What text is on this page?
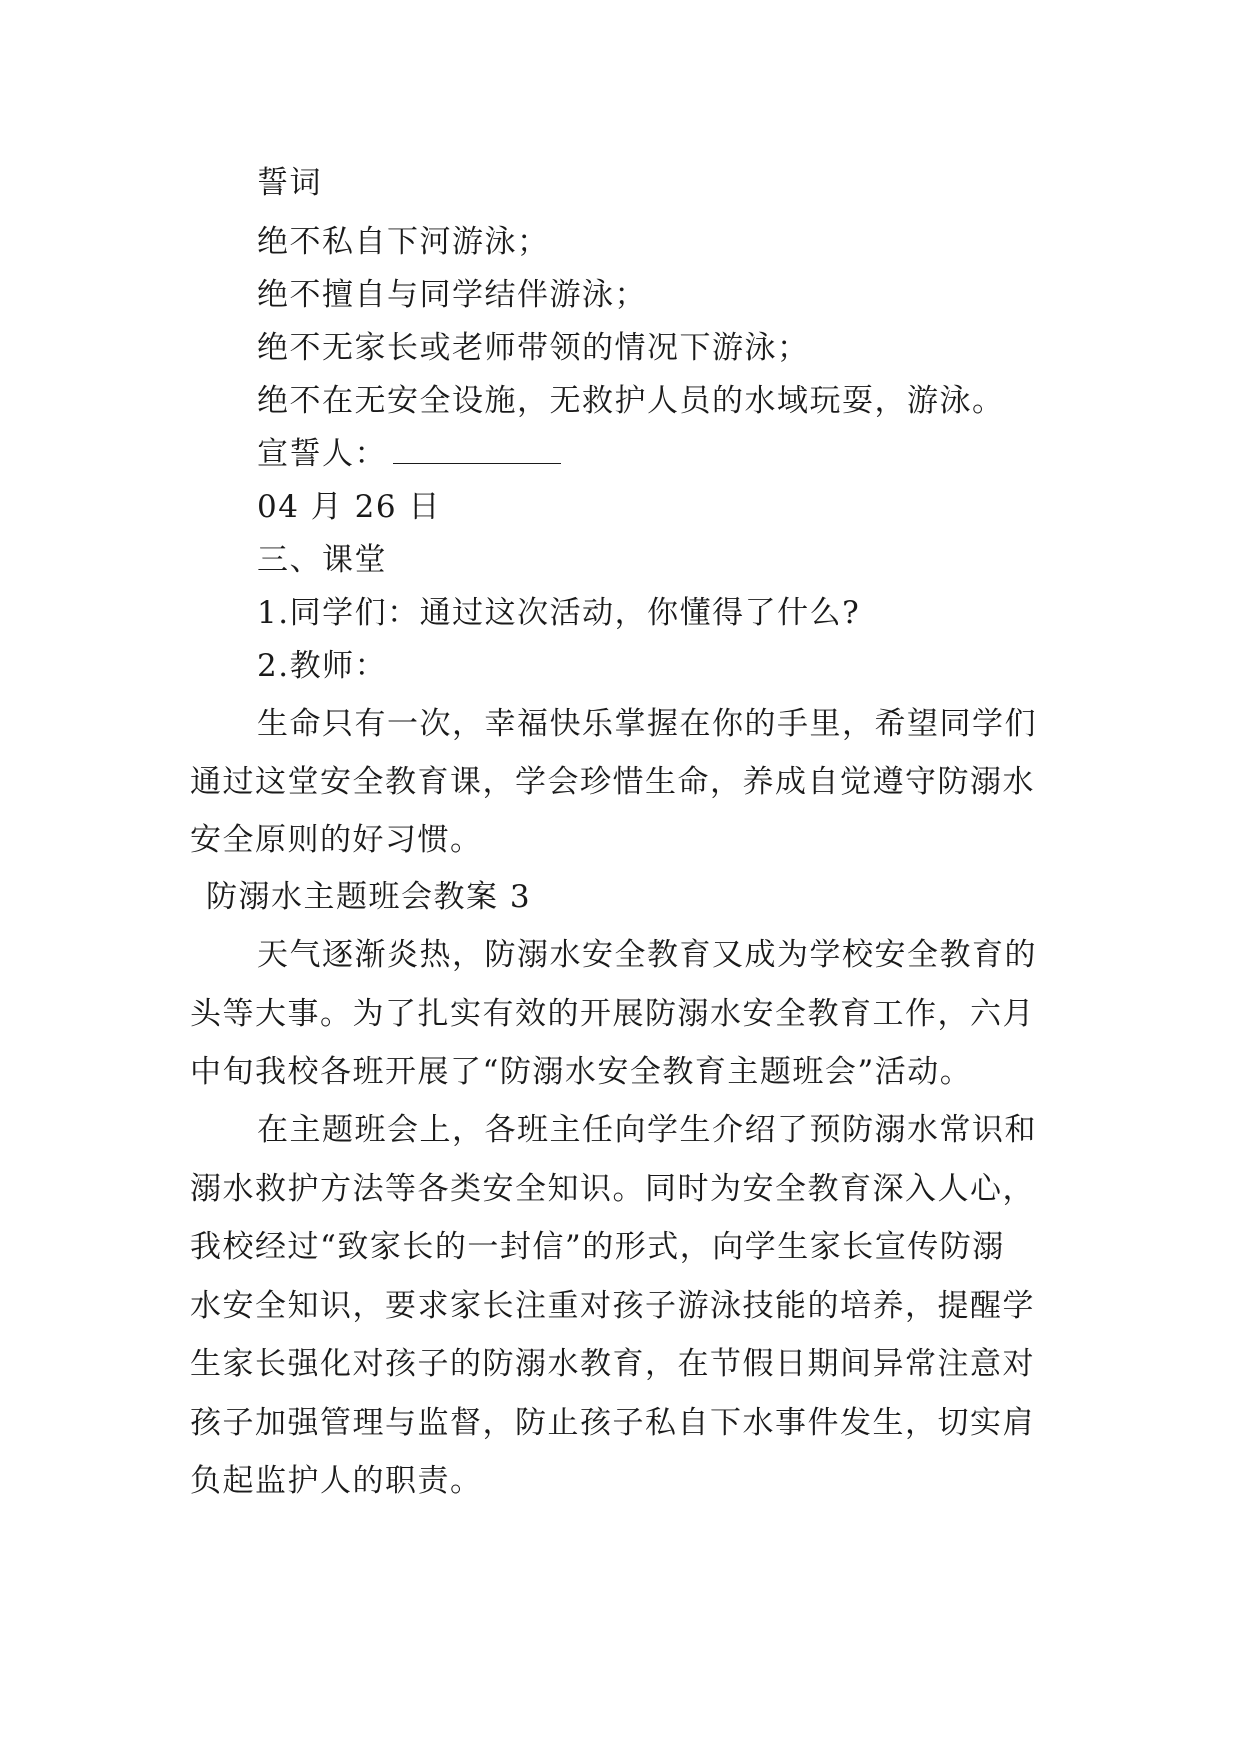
誓词
绝不私自下河游泳；
绝不擅自与同学结伴游泳；
绝不无家长或老师带领的情况下游泳；
绝不在无安全设施，无救护人员的水域玩耍，游泳。
宣誓人：
04 月 26 日
三、课堂
1.同学们：通过这次活动，你懂得了什么?
2.教师：
生命只有一次，幸福快乐掌握在你的手里，希望同学们
通过这堂安全教育课，学会珍惜生命，养成自觉遵守防溺水
安全原则的好习惯。
防溺水主题班会教案 3
天气逐渐炎热，防溺水安全教育又成为学校安全教育的
头等大事。为了扎实有效的开展防溺水安全教育工作，六月
中旬我校各班开展了“防溺水安全教育主题班会”活动。
在主题班会上，各班主任向学生介绍了预防溺水常识和
溺水救护方法等各类安全知识。同时为安全教育深入人心，
我校经过“致家长的一封信”的形式，向学生家长宣传防溺
水安全知识，要求家长注重对孩子游泳技能的培养，提醒学
生家长强化对孩子的防溺水教育，在节假日期间异常注意对
孩子加强管理与监督，防止孩子私自下水事件发生，切实肩
负起监护人的职责。
